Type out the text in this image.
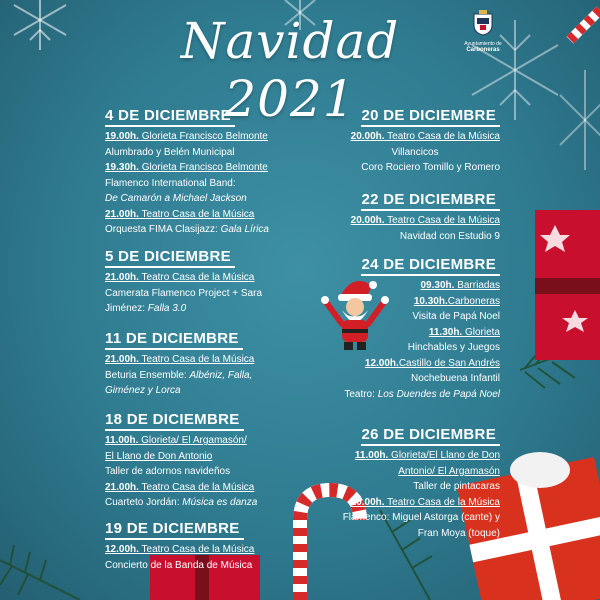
Ayuntamiento de
Carboneras
Navidad 2021
4 DE DICIEMBRE
19.00h. Glorieta Francisco Belmonte
Alumbrado y Belén Municipal
19.30h. Glorieta Francisco Belmonte
Flamenco International Band:
De Camarón a Michael Jackson
21.00h. Teatro Casa de la Música
Orquesta FIMA Clasijazz: Gala Lírica
5 DE DICIEMBRE
21.00h. Teatro Casa de la Música
Camerata Flamenco Project + Sara
Jiménez: Falla 3.0
11 DE DICIEMBRE
21.00h. Teatro Casa de la Música
Beturia Ensemble: Albéniz, Falla,
Giménez y Lorca
18 DE DICIEMBRE
11.00h. Glorieta/ El Argamasón/
El Llano de Don Antonio
Taller de adornos navideños
21.00h. Teatro Casa de la Música
Cuarteto Jordán: Música es danza
19 DE DICIEMBRE
12.00h. Teatro Casa de la Música
Concierto de la Banda de Música
20 DE DICIEMBRE
20.00h. Teatro Casa de la Música
Villancicos
Coro Rociero Tomillo y Romero
22 DE DICIEMBRE
20.00h. Teatro Casa de la Música
Navidad con Estudio 9
24 DE DICIEMBRE
09.30h. Barriadas
10.30h.Carboneras
Visita de Papá Noel
11.30h. Glorieta
Hinchables y Juegos
12.00h.Castillo de San Andrés
Nochebuena Infantil
Teatro: Los Duendes de Papá Noel
26 DE DICIEMBRE
11.00h. Glorieta/El Llano de Don
Antonio/ El Argamasón
Taller de pintacaras
20.00h. Teatro Casa de la Música
Flamenco: Miguel Astorga (cante) y
Fran Moya (toque)
